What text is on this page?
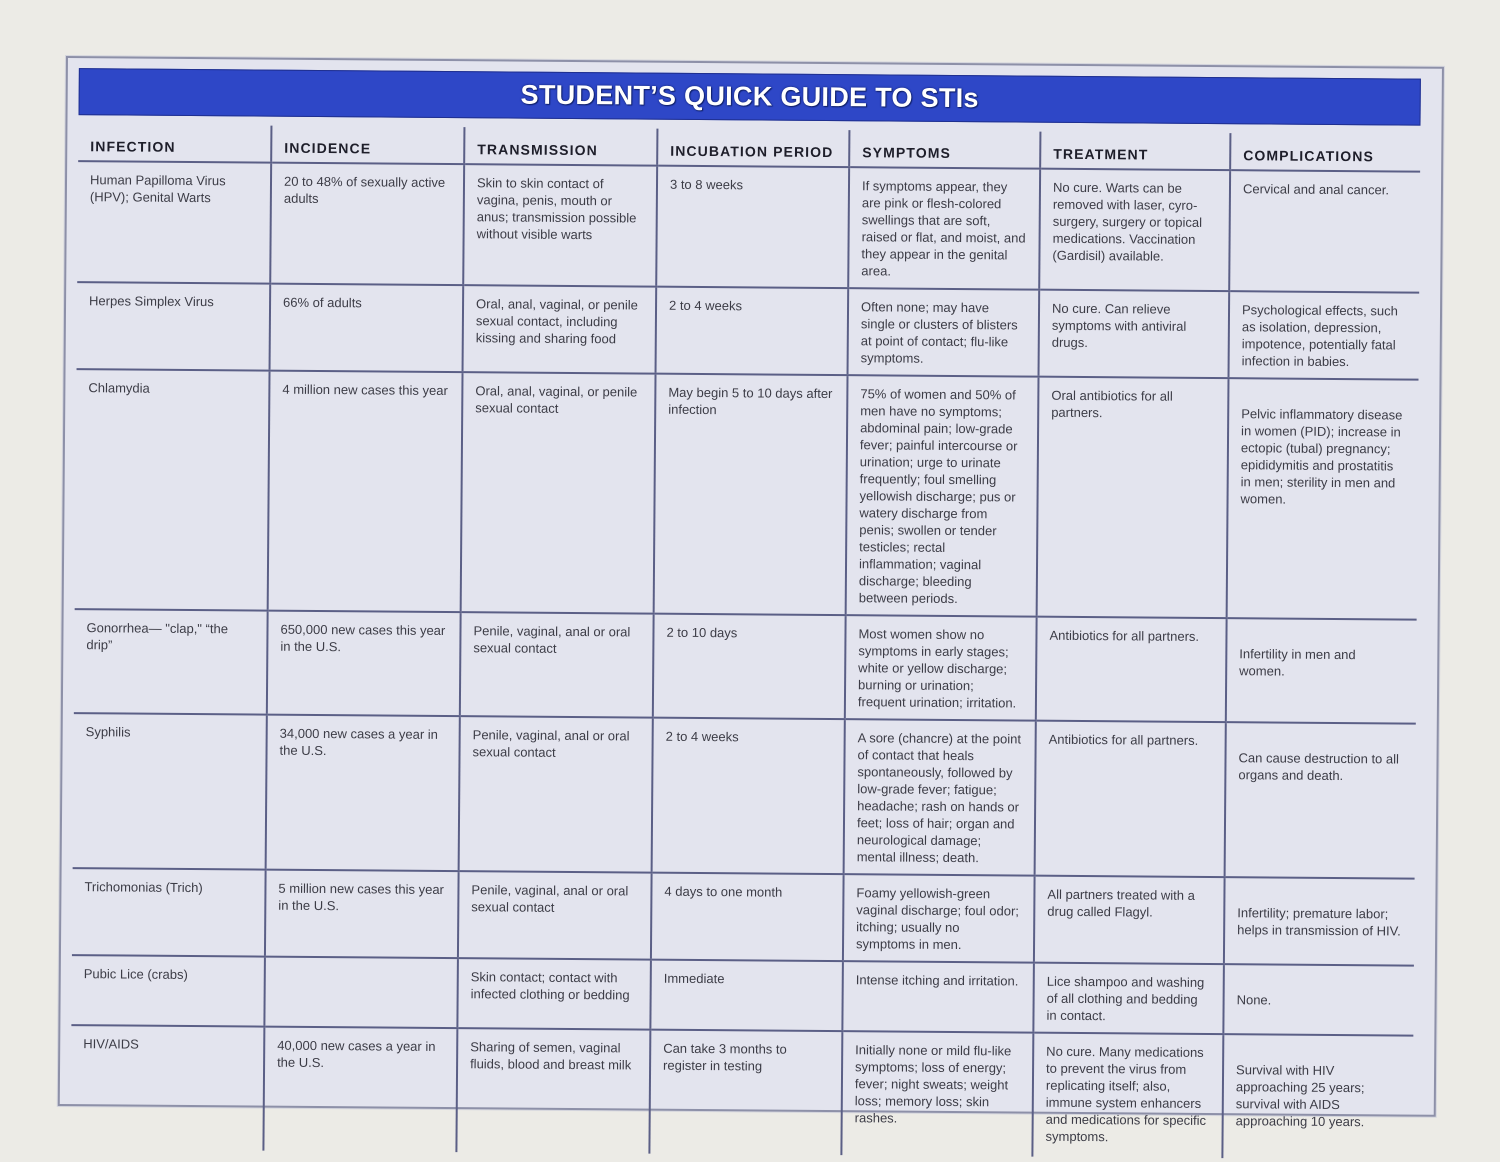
STUDENT’S QUICK GUIDE TO STIs
INFECTION	INCIDENCE	TRANSMISSION	INCUBATION PERIOD	SYMPTOMS	TREATMENT	COMPLICATIONS
Human Papilloma Virus (HPV); Genital Warts	20 to 48% of sexually active adults	Skin to skin contact of vagina, penis, mouth or anus; transmission possible without visible warts	3 to 8 weeks	If symptoms appear, they are pink or flesh-colored swellings that are soft, raised or flat, and moist, and they appear in the genital area.	No cure. Warts can be removed with laser, cyro-surgery, surgery or topical medications. Vaccination (Gardisil) available.	Cervical and anal cancer.
Herpes Simplex Virus	66% of adults	Oral, anal, vaginal, or penile sexual contact, including kissing and sharing food	2 to 4 weeks	Often none; may have single or clusters of blisters at point of contact; flu-like symptoms.	No cure. Can relieve symptoms with antiviral drugs.	Psychological effects, such as isolation, depression, impotence, potentially fatal infection in babies.
Chlamydia	4 million new cases this year	Oral, anal, vaginal, or penile sexual contact	May begin 5 to 10 days after infection	75% of women and 50% of men have no symptoms; abdominal pain; low-grade fever; painful intercourse or urination; urge to urinate frequently; foul smelling yellowish discharge; pus or watery discharge from penis; swollen or tender testicles; rectal inflammation; vaginal discharge; bleeding between periods.	Oral antibiotics for all partners.	Pelvic inflammatory disease in women (PID); increase in ectopic (tubal) pregnancy; epididymitis and prostatitis in men; sterility in men and women.
Gonorrhea— "clap," “the drip”	650,000 new cases this year in the U.S.	Penile, vaginal, anal or oral sexual contact	2 to 10 days	Most women show no symptoms in early stages; white or yellow discharge; burning or urination; frequent urination; irritation.	Antibiotics for all partners.	Infertility in men and women.
Syphilis	34,000 new cases a year in the U.S.	Penile, vaginal, anal or oral sexual contact	2 to 4 weeks	A sore (chancre) at the point of contact that heals spontaneously, followed by low-grade fever; fatigue; headache; rash on hands or feet; loss of hair; organ and neurological damage; mental illness; death.	Antibiotics for all partners.	Can cause destruction to all organs and death.
Trichomonias (Trich)	5 million new cases this year in the U.S.	Penile, vaginal, anal or oral sexual contact	4 days to one month	Foamy yellowish-green vaginal discharge; foul odor; itching; usually no symptoms in men.	All partners treated with a drug called Flagyl.	Infertility; premature labor; helps in transmission of HIV.
Pubic Lice (crabs)		Skin contact; contact with infected clothing or bedding	Immediate	Intense itching and irritation.	Lice shampoo and washing of all clothing and bedding in contact.	None.
HIV/AIDS	40,000 new cases a year in the U.S.	Sharing of semen, vaginal fluids, blood and breast milk	Can take 3 months to register in testing	Initially none or mild flu-like symptoms; loss of energy; fever; night sweats; weight loss; memory loss; skin rashes.	No cure. Many medications to prevent the virus from replicating itself; also, immune system enhancers and medications for specific symptoms.	Survival with HIV approaching 25 years; survival with AIDS approaching 10 years.
